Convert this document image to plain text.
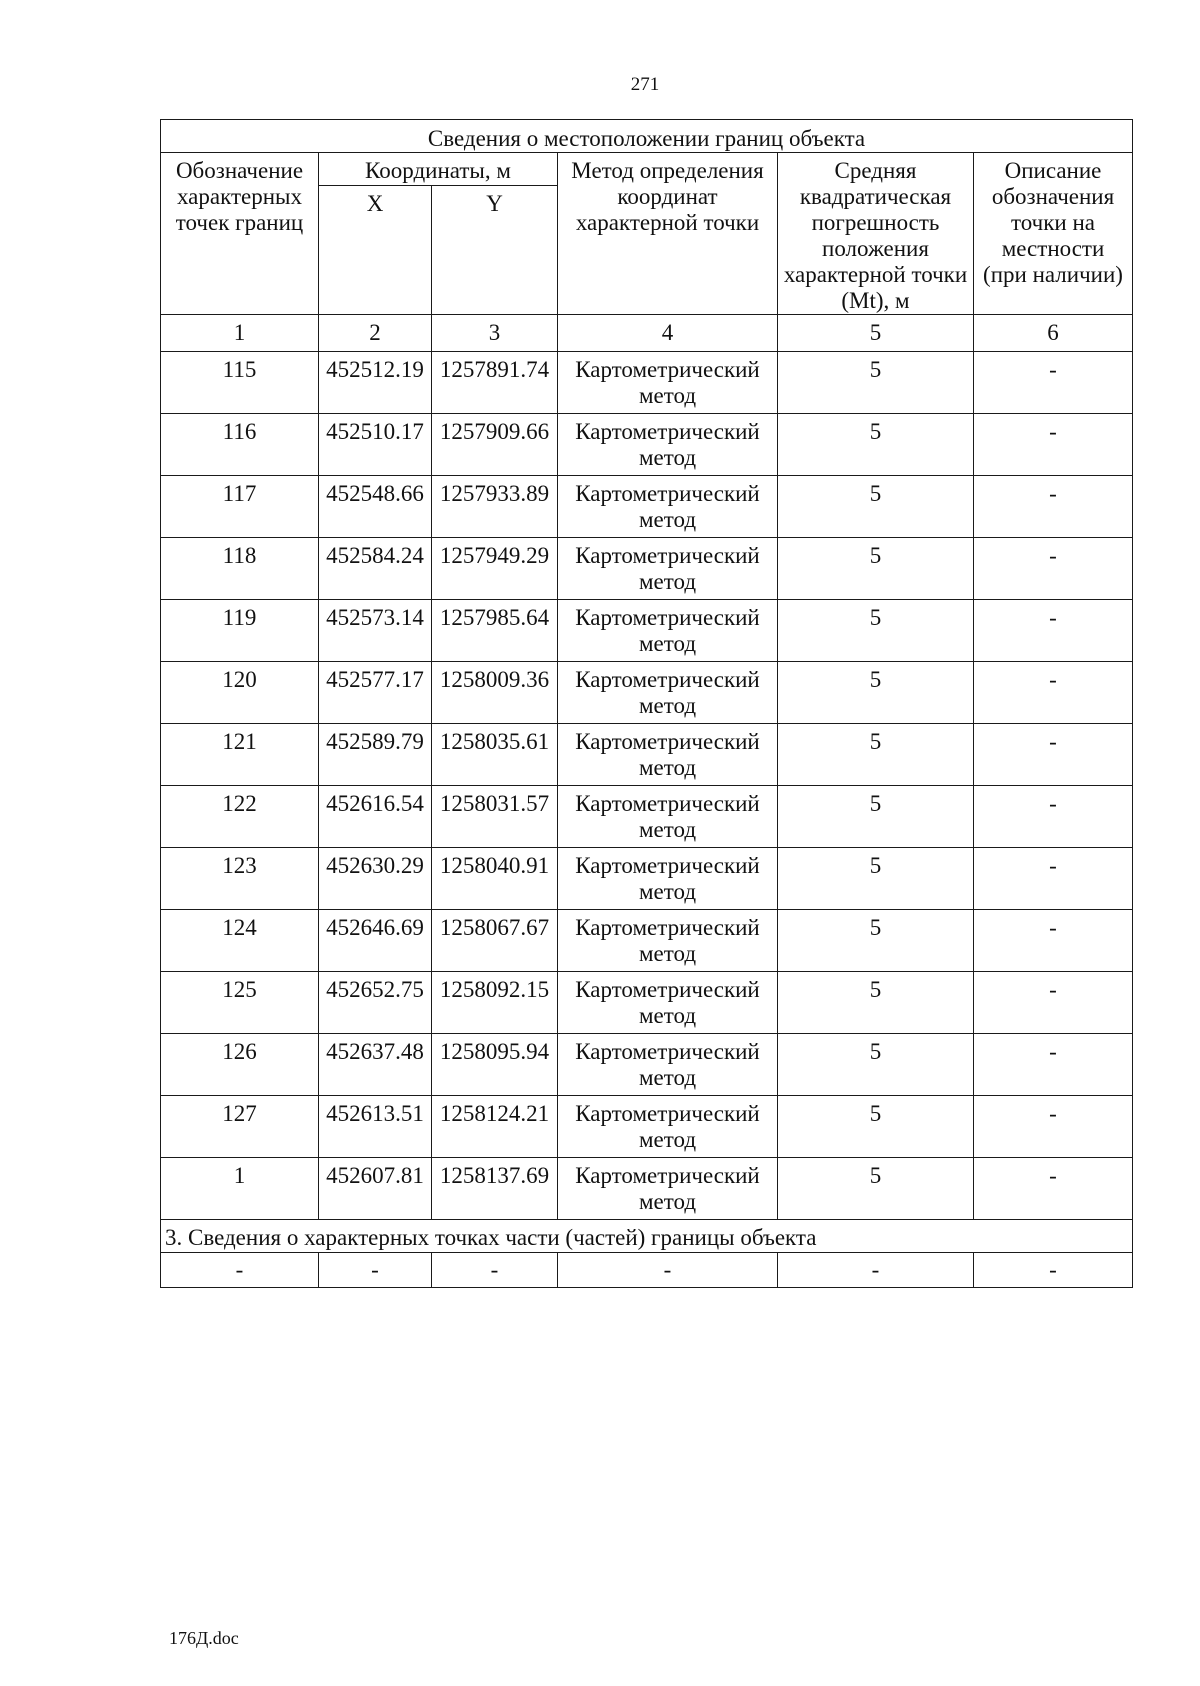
271
Сведения о местоположении границ объекта					
Обозначение характерных точек границ	Координаты, м		Метод определения координат характерной точки	Средняя квадратическая погрешность положения характерной точки (Mt), м	Описание обозначения точки на местности (при наличии)
	X	Y			
1	2	3	4	5	6
115	452512.19	1257891.74	Картометрический метод	5	-
116	452510.17	1257909.66	Картометрический метод	5	-
117	452548.66	1257933.89	Картометрический метод	5	-
118	452584.24	1257949.29	Картометрический метод	5	-
119	452573.14	1257985.64	Картометрический метод	5	-
120	452577.17	1258009.36	Картометрический метод	5	-
121	452589.79	1258035.61	Картометрический метод	5	-
122	452616.54	1258031.57	Картометрический метод	5	-
123	452630.29	1258040.91	Картометрический метод	5	-
124	452646.69	1258067.67	Картометрический метод	5	-
125	452652.75	1258092.15	Картометрический метод	5	-
126	452637.48	1258095.94	Картометрический метод	5	-
127	452613.51	1258124.21	Картометрический метод	5	-
1	452607.81	1258137.69	Картометрический метод	5	-
3. Сведения о характерных точках части (частей) границы объекта					
-	-	-	-	-	-
176Д.doc
